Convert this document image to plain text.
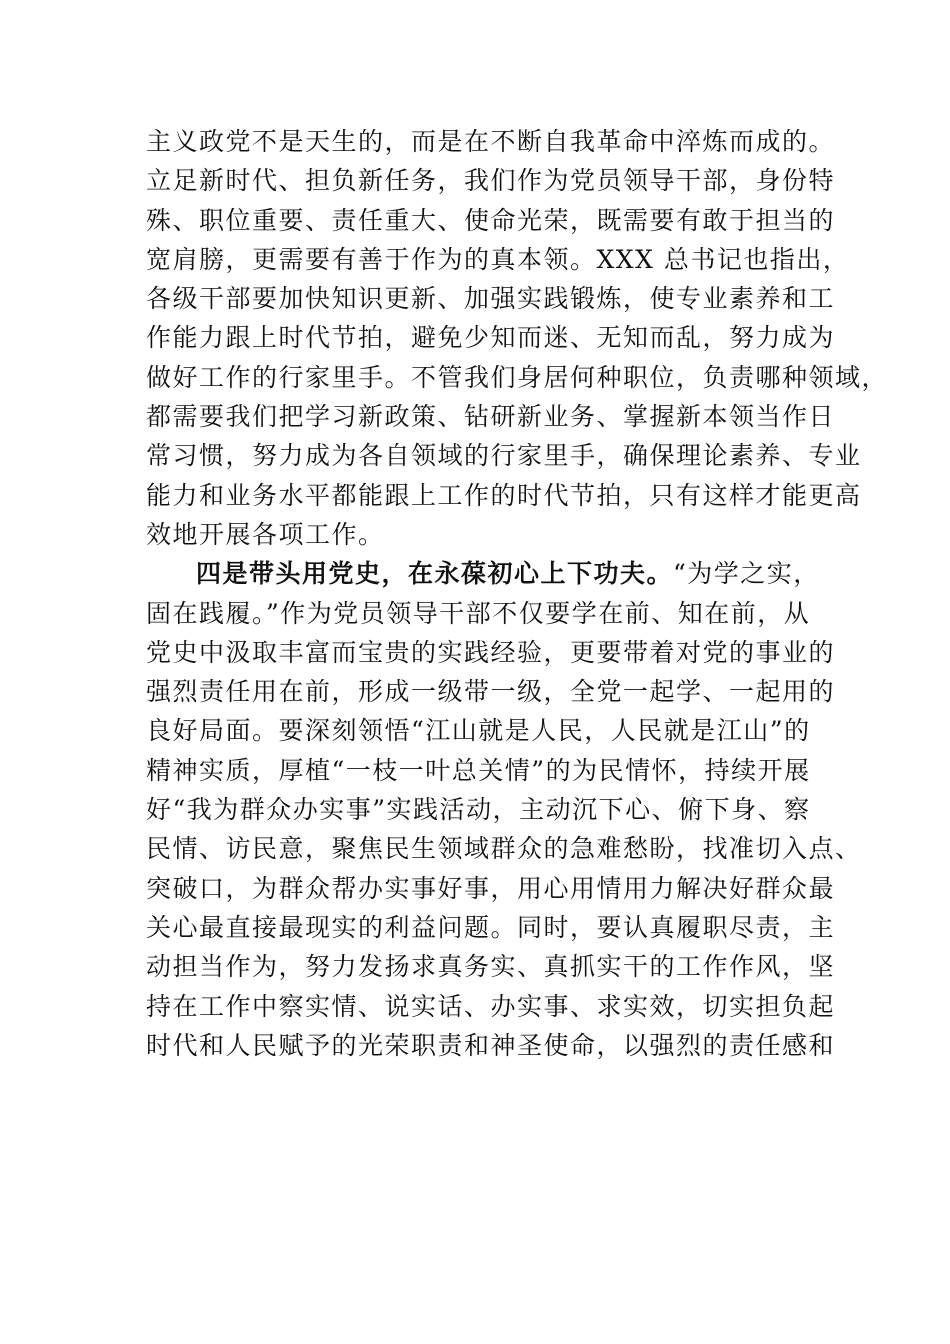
主义政党不是天生的，而是在不断自我革命中淬炼而成的。
立足新时代、担负新任务，我们作为党员领导干部，身份特
殊、职位重要、责任重大、使命光荣，既需要有敢于担当的
宽肩膀，更需要有善于作为的真本领。XXX 总书记也指出，
各级干部要加快知识更新、加强实践锻炼，使专业素养和工
作能力跟上时代节拍，避免少知而迷、无知而乱，努力成为
做好工作的行家里手。不管我们身居何种职位，负责哪种领域，
都需要我们把学习新政策、钻研新业务、掌握新本领当作日
常习惯，努力成为各自领域的行家里手，确保理论素养、专业
能力和业务水平都能跟上工作的时代节拍，只有这样才能更高
效地开展各项工作。
四是带头用党史，在永葆初心上下功夫。“为学之实，
固在践履。”作为党员领导干部不仅要学在前、知在前，从
党史中汲取丰富而宝贵的实践经验，更要带着对党的事业的
强烈责任用在前，形成一级带一级，全党一起学、一起用的
良好局面。要深刻领悟“江山就是人民，人民就是江山”的
精神实质，厚植“一枝一叶总关情”的为民情怀，持续开展
好“我为群众办实事”实践活动，主动沉下心、俯下身、察
民情、访民意，聚焦民生领域群众的急难愁盼，找准切入点、
突破口，为群众帮办实事好事，用心用情用力解决好群众最
关心最直接最现实的利益问题。同时，要认真履职尽责，主
动担当作为，努力发扬求真务实、真抓实干的工作作风，坚
持在工作中察实情、说实话、办实事、求实效，切实担负起
时代和人民赋予的光荣职责和神圣使命，以强烈的责任感和
